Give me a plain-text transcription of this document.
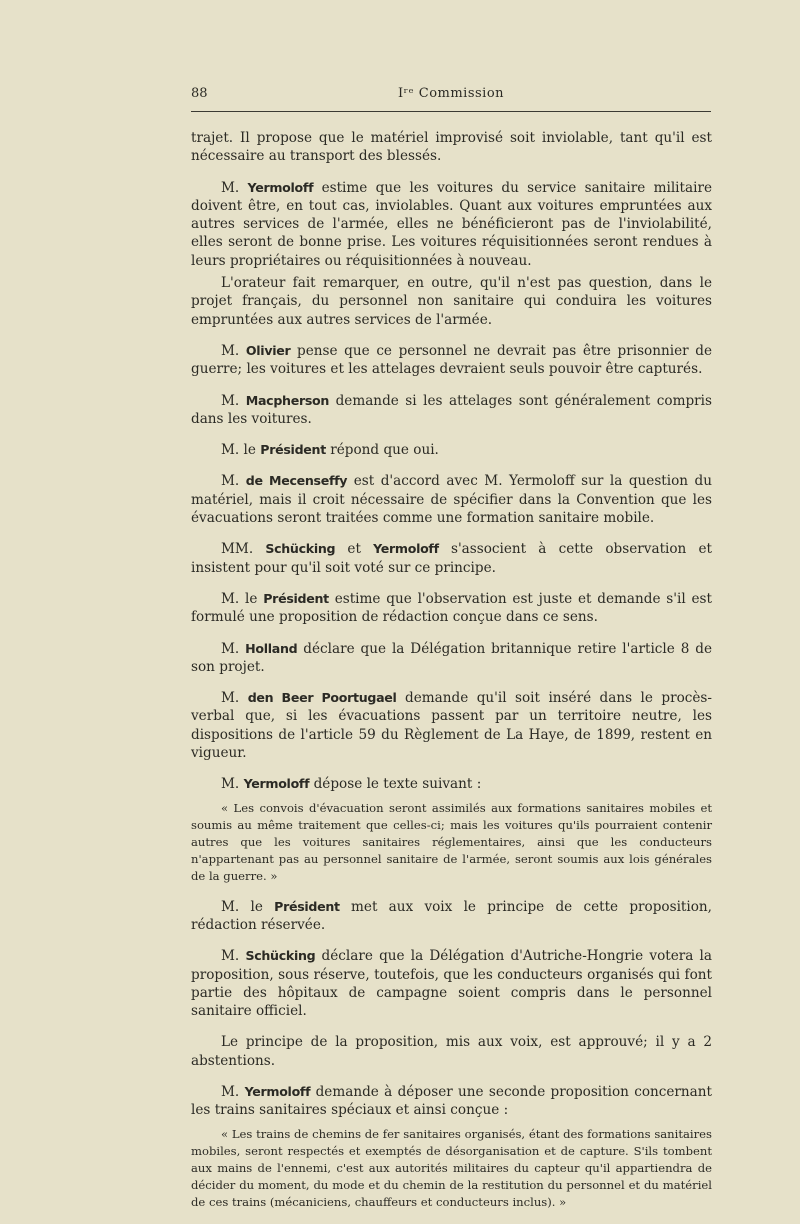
88	Iʳᵉ Commission

trajet. Il propose que le matériel improvisé soit inviolable, tant qu'il est nécessaire au transport des blessés.

M. Yermoloff estime que les voitures du service sanitaire militaire doivent être, en tout cas, inviolables. Quant aux voitures empruntées aux autres services de l'armée, elles ne bénéficieront pas de l'inviolabilité, elles seront de bonne prise. Les voitures réquisitionnées seront rendues à leurs propriétaires ou réquisitionnées à nouveau.

L'orateur fait remarquer, en outre, qu'il n'est pas question, dans le projet français, du personnel non sanitaire qui conduira les voitures empruntées aux autres services de l'armée.

M. Olivier pense que ce personnel ne devrait pas être prisonnier de guerre; les voitures et les attelages devraient seuls pouvoir être capturés.

M. Macpherson demande si les attelages sont généralement compris dans les voitures.

M. le Président répond que oui.

M. de Mecenseffy est d'accord avec M. Yermoloff sur la question du matériel, mais il croit nécessaire de spécifier dans la Convention que les évacuations seront traitées comme une formation sanitaire mobile.

MM. Schücking et Yermoloff s'associent à cette observation et insistent pour qu'il soit voté sur ce principe.

M. le Président estime que l'observation est juste et demande s'il est formulé une proposition de rédaction conçue dans ce sens.

M. Holland déclare que la Délégation britannique retire l'article 8 de son projet.

M. den Beer Poortugael demande qu'il soit inséré dans le procès-verbal que, si les évacuations passent par un territoire neutre, les dispositions de l'article 59 du Règlement de La Haye, de 1899, restent en vigueur.

M. Yermoloff dépose le texte suivant :

« Les convois d'évacuation seront assimilés aux formations sanitaires mobiles et soumis au même traitement que celles-ci; mais les voitures qu'ils pourraient contenir autres que les voitures sanitaires réglementaires, ainsi que les conducteurs n'appartenant pas au personnel sanitaire de l'armée, seront soumis aux lois générales de la guerre. »

M. le Président met aux voix le principe de cette proposition, rédaction réservée.

M. Schücking déclare que la Délégation d'Autriche-Hongrie votera la proposition, sous réserve, toutefois, que les conducteurs organisés qui font partie des hôpitaux de campagne soient compris dans le personnel sanitaire officiel.

Le principe de la proposition, mis aux voix, est approuvé; il y a 2 abstentions.

M. Yermoloff demande à déposer une seconde proposition concernant les trains sanitaires spéciaux et ainsi conçue :

« Les trains de chemins de fer sanitaires organisés, étant des formations sanitaires mobiles, seront respectés et exemptés de désorganisation et de capture. S'ils tombent aux mains de l'ennemi, c'est aux autorités militaires du capteur qu'il appartiendra de décider du moment, du mode et du chemin de la restitution du personnel et du matériel de ces trains (mécaniciens, chauffeurs et conducteurs inclus). »
